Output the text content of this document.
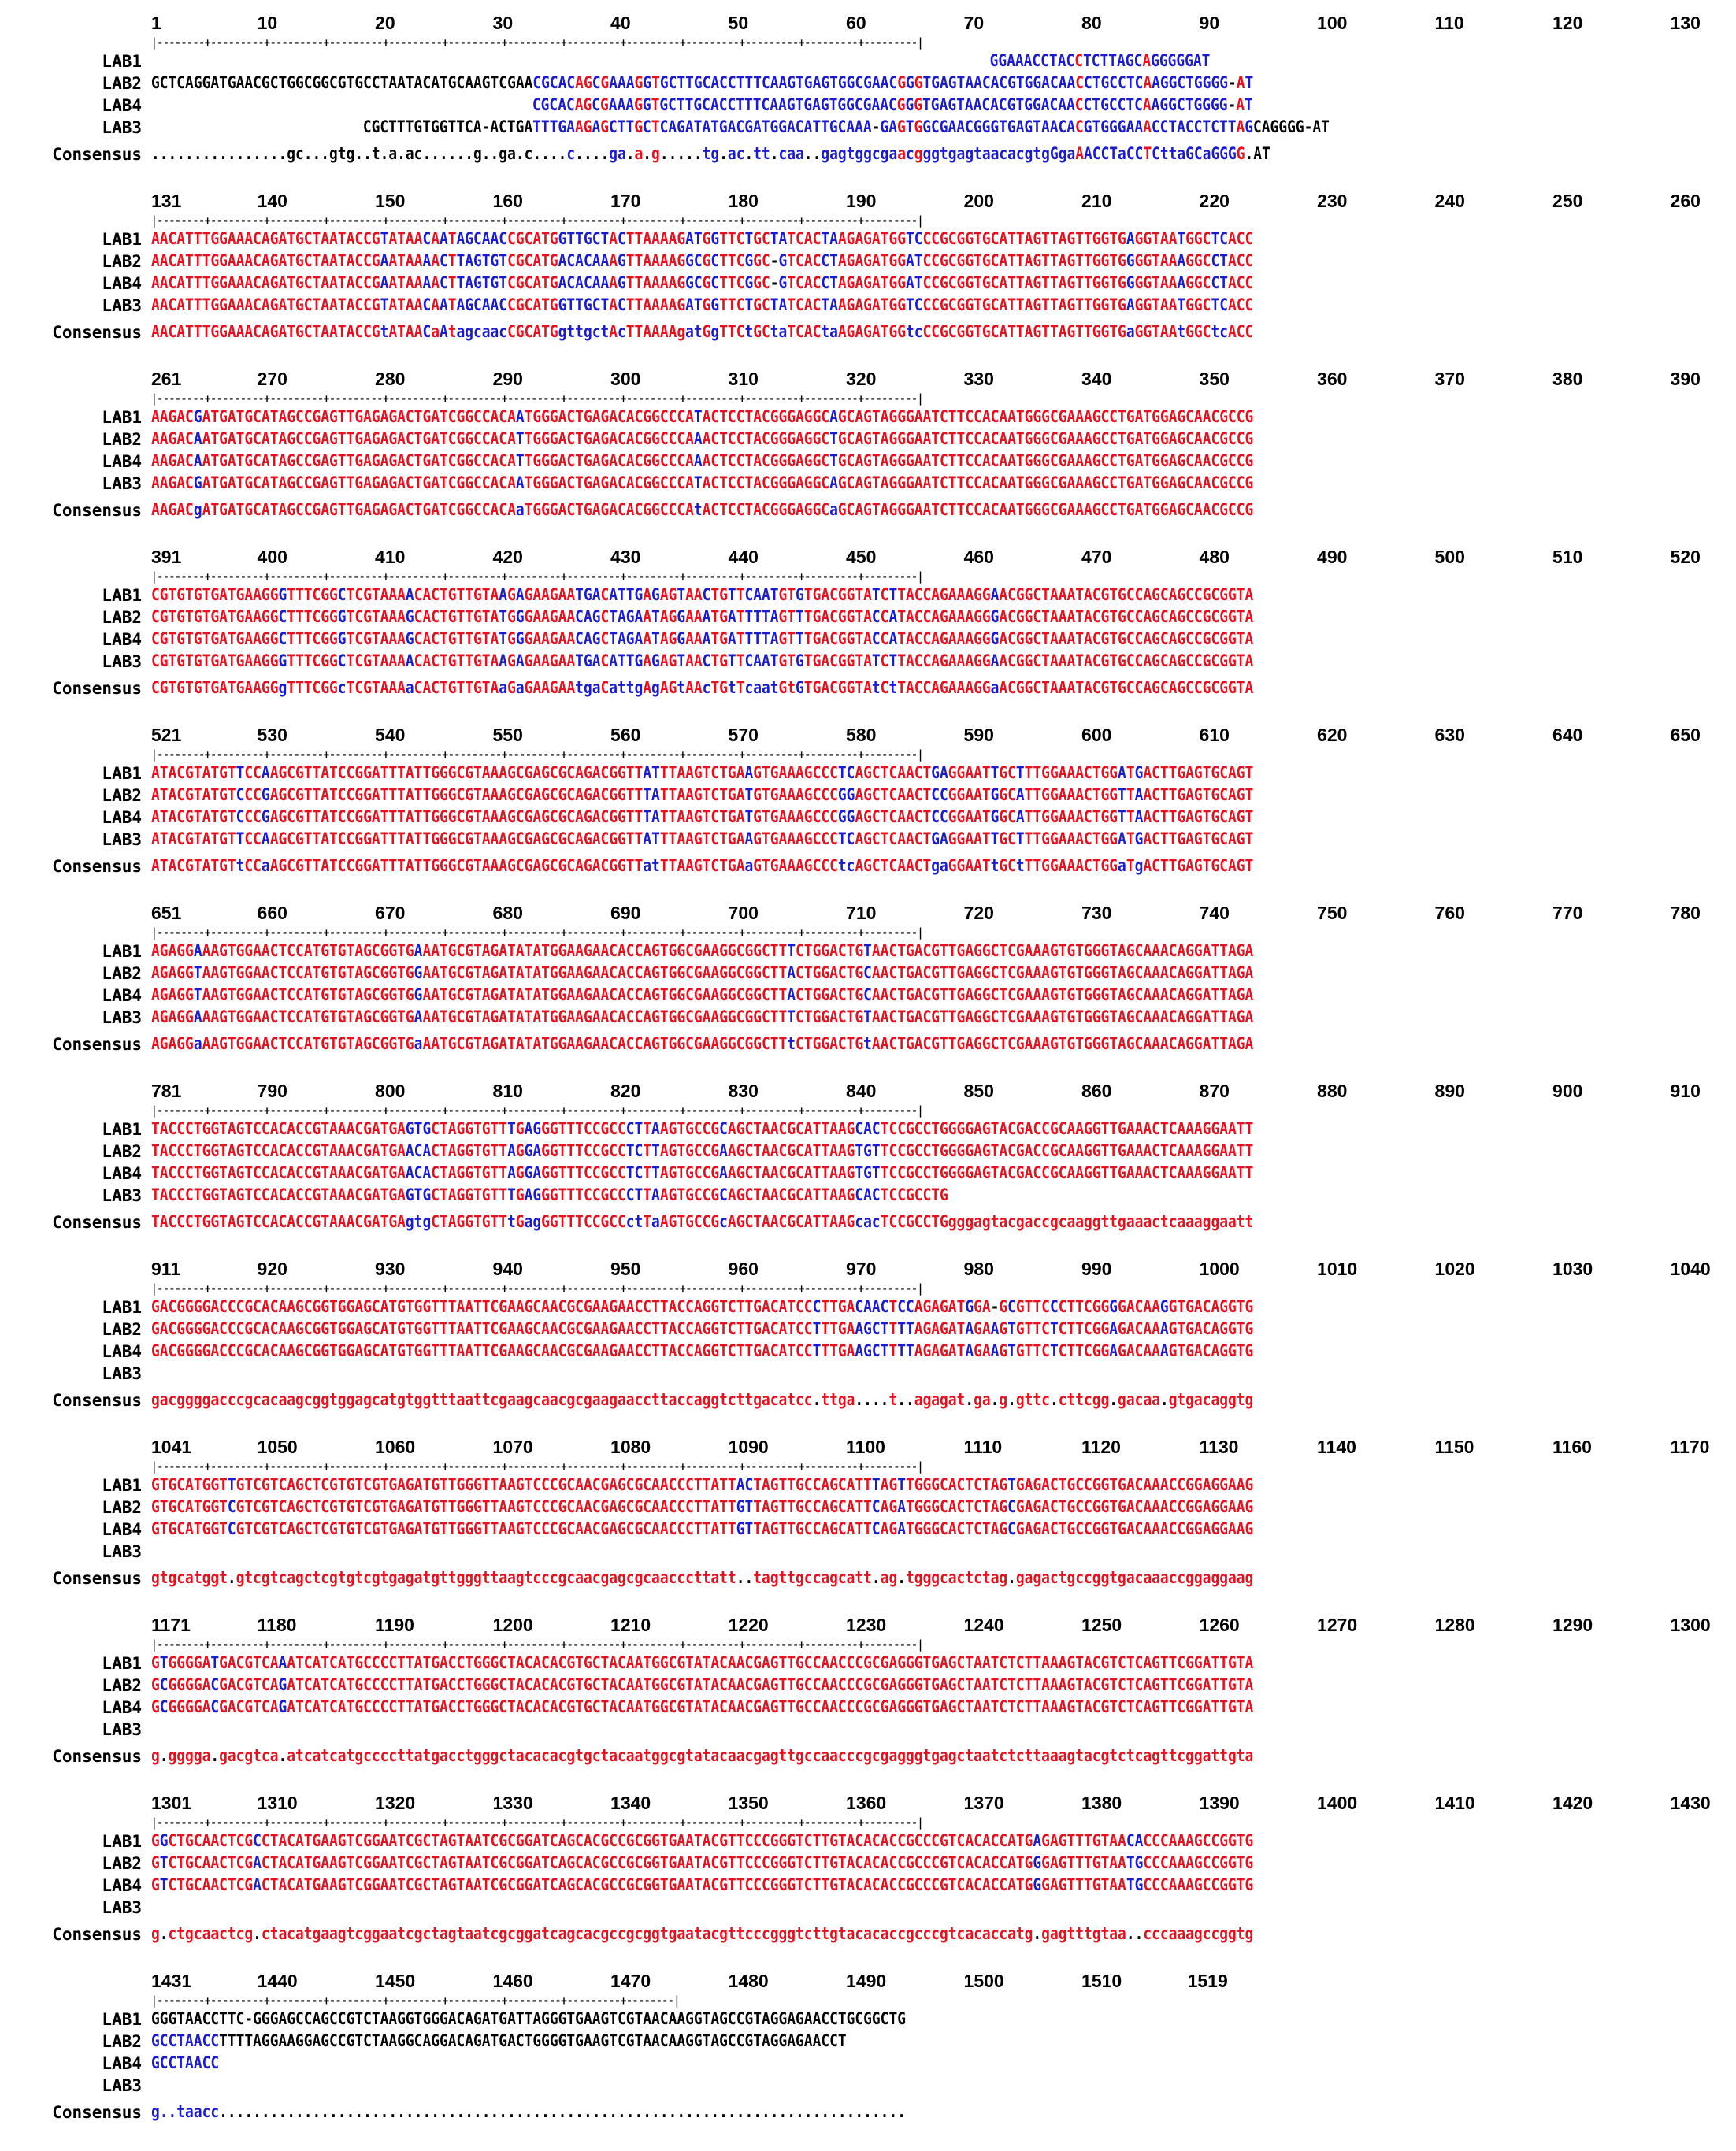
1	10	20	30	40	50	60	70	80	90	100	110	120	130
|--------+---------+---------+---------+---------+---------+---------+---------+---------+---------+---------+---------+---------|
LAB1	GGAAACCTACCTCTTAGCAGGGGGAT
LAB2 GCTCAGGATGAACGCTGGCGGCGTGCCTAATACATGCAAGTCGAACGCACAGCGAAAGGTGCTTGCACCTTTCAAGTGAGTGGCGAACGGGTGAGTAACACGTGGACAACCTGCCTCAAGGCTGGGG-AT
LAB4	CGCACAGCGAAAGGTGCTTGCACCTTTCAAGTGAGTGGCGAACGGGTGAGTAACACGTGGACAACCTGCCTCAAGGCTGGGG-AT
LAB3	CGCTTTGTGGTTCA-ACTGATTTGAAGAGCTTGCTCAGATATGACGATGGACATTGCAAA-GAGTGGCGAACGGGTGAGTAACACGTGGGAAACCTACCTCTTAGCAGGGG-AT
Consensus ................gc...gtg..t.a.ac......g..ga.c....c....ga.a.g.....tg.ac.tt.caa..gagtggcgaacgggtgagtaacacgtgGgaAACCTaCCTCttaGCaGGGG.AT
131	140	150	160	170	180	190	200	210	220	230	240	250	260
|--------+---------+---------+---------+---------+---------+---------+---------+---------+---------+---------+---------+---------|
LAB1 AACATTTGGAAACAGATGCTAATACCGTATAACAATAGCAACCGCATGGTTGCTACTTAAAAGATGGTTCTGCTATCACTAAGAGATGGTCCCGCGGTGCATTAGTTAGTTGGTGAGGTAATGGCTCACC
LAB2 AACATTTGGAAACAGATGCTAATACCGAATAAAACTTAGTGTCGCATGACACAAAGTTAAAAGGCGCTTCGGC-GTCACCTAGAGATGGATCCGCGGTGCATTAGTTAGTTGGTGGGGTAAAGGCCTACC
LAB4 AACATTTGGAAACAGATGCTAATACCGAATAAAACTTAGTGTCGCATGACACAAAGTTAAAAGGCGCTTCGGC-GTCACCTAGAGATGGATCCGCGGTGCATTAGTTAGTTGGTGGGGTAAAGGCCTACC
LAB3 AACATTTGGAAACAGATGCTAATACCGTATAACAATAGCAACCGCATGGTTGCTACTTAAAAGATGGTTCTGCTATCACTAAGAGATGGTCCCGCGGTGCATTAGTTAGTTGGTGAGGTAATGGCTCACC
Consensus AACATTTGGAAACAGATGCTAATACCGtATAACaAtagcaacCGCATGgttgctAcTTAAAAgatGgTTCtGCtaTCACtaAGAGATGGtcCCGCGGTGCATTAGTTAGTTGGTGaGGTAAtGGCtcACC
261	270	280	290	300	310	320	330	340	350	360	370	380	390
|--------+---------+---------+---------+---------+---------+---------+---------+---------+---------+---------+---------+---------|
LAB1 AAGACGATGATGCATAGCCGAGTTGAGAGACTGATCGGCCACAATGGGACTGAGACACGGCCCATACTCCTACGGGAGGCAGCAGTAGGGAATCTTCCACAATGGGCGAAAGCCTGATGGAGCAACGCCG
LAB2 AAGACAATGATGCATAGCCGAGTTGAGAGACTGATCGGCCACATTGGGACTGAGACACGGCCCAAACTCCTACGGGAGGCTGCAGTAGGGAATCTTCCACAATGGGCGAAAGCCTGATGGAGCAACGCCG
LAB4 AAGACAATGATGCATAGCCGAGTTGAGAGACTGATCGGCCACATTGGGACTGAGACACGGCCCAAACTCCTACGGGAGGCTGCAGTAGGGAATCTTCCACAATGGGCGAAAGCCTGATGGAGCAACGCCG
LAB3 AAGACGATGATGCATAGCCGAGTTGAGAGACTGATCGGCCACAATGGGACTGAGACACGGCCCATACTCCTACGGGAGGCAGCAGTAGGGAATCTTCCACAATGGGCGAAAGCCTGATGGAGCAACGCCG
Consensus AAGACgATGATGCATAGCCGAGTTGAGAGACTGATCGGCCACAaTGGGACTGAGACACGGCCCAtACTCCTACGGGAGGCaGCAGTAGGGAATCTTCCACAATGGGCGAAAGCCTGATGGAGCAACGCCG
391	400	410	420	430	440	450	460	470	480	490	500	510	520
|--------+---------+---------+---------+---------+---------+---------+---------+---------+---------+---------+---------+---------|
LAB1 CGTGTGTGATGAAGGGTTTCGGCTCGTAAAACACTGTTGTAAGAGAAGAATGACATTGAGAGTAACTGTTCAATGTGTGACGGTATCTTACCAGAAAGGAACGGCTAAATACGTGCCAGCAGCCGCGGTA
LAB2 CGTGTGTGATGAAGGCTTTCGGGTCGTAAAGCACTGTTGTATGGGAAGAACAGCTAGAATAGGAAATGATTTTAGTTTGACGGTACCATACCAGAAAGGGACGGCTAAATACGTGCCAGCAGCCGCGGTA
LAB4 CGTGTGTGATGAAGGCTTTCGGGTCGTAAAGCACTGTTGTATGGGAAGAACAGCTAGAATAGGAAATGATTTTAGTTTGACGGTACCATACCAGAAAGGGACGGCTAAATACGTGCCAGCAGCCGCGGTA
LAB3 CGTGTGTGATGAAGGGTTTCGGCTCGTAAAACACTGTTGTAAGAGAAGAATGACATTGAGAGTAACTGTTCAATGTGTGACGGTATCTTACCAGAAAGGAACGGCTAAATACGTGCCAGCAGCCGCGGTA
Consensus CGTGTGTGATGAAGGgTTTCGGcTCGTAAAaCACTGTTGTAaGaGAAGAAtgaCattgAgAGtAAcTGtTcaatGtGTGACGGTAtCtTACCAGAAAGGaACGGCTAAATACGTGCCAGCAGCCGCGGTA
521	530	540	550	560	570	580	590	600	610	620	630	640	650
|--------+---------+---------+---------+---------+---------+---------+---------+---------+---------+---------+---------+---------|
LAB1 ATACGTATGTTCCAAGCGTTATCCGGATTTATTGGGCGTAAAGCGAGCGCAGACGGTTATTTAAGTCTGAAGTGAAAGCCCTCAGCTCAACTGAGGAATTGCTTTGGAAACTGGATGACTTGAGTGCAGT
LAB2 ATACGTATGTCCCGAGCGTTATCCGGATTTATTGGGCGTAAAGCGAGCGCAGACGGTTTATTAAGTCTGATGTGAAAGCCCGGAGCTCAACTCCGGAATGGCATTGGAAACTGGTTAACTTGAGTGCAGT
LAB4 ATACGTATGTCCCGAGCGTTATCCGGATTTATTGGGCGTAAAGCGAGCGCAGACGGTTTATTAAGTCTGATGTGAAAGCCCGGAGCTCAACTCCGGAATGGCATTGGAAACTGGTTAACTTGAGTGCAGT
LAB3 ATACGTATGTTCCAAGCGTTATCCGGATTTATTGGGCGTAAAGCGAGCGCAGACGGTTATTTAAGTCTGAAGTGAAAGCCCTCAGCTCAACTGAGGAATTGCTTTGGAAACTGGATGACTTGAGTGCAGT
Consensus ATACGTATGTtCCaAGCGTTATCCGGATTTATTGGGCGTAAAGCGAGCGCAGACGGTTatTTAAGTCTGAaGTGAAAGCCCtcAGCTCAACTgaGGAATtGCtTTGGAAACTGGaTgACTTGAGTGCAGT
651	660	670	680	690	700	710	720	730	740	750	760	770	780
|--------+---------+---------+---------+---------+---------+---------+---------+---------+---------+---------+---------+---------|
LAB1 AGAGGAAAGTGGAACTCCATGTGTAGCGGTGAAATGCGTAGATATATGGAAGAACACCAGTGGCGAAGGCGGCTTTCTGGACTGTAACTGACGTTGAGGCTCGAAAGTGTGGGTAGCAAACAGGATTAGA
LAB2 AGAGGTAAGTGGAACTCCATGTGTAGCGGTGGAATGCGTAGATATATGGAAGAACACCAGTGGCGAAGGCGGCTTACTGGACTGCAACTGACGTTGAGGCTCGAAAGTGTGGGTAGCAAACAGGATTAGA
LAB4 AGAGGTAAGTGGAACTCCATGTGTAGCGGTGGAATGCGTAGATATATGGAAGAACACCAGTGGCGAAGGCGGCTTACTGGACTGCAACTGACGTTGAGGCTCGAAAGTGTGGGTAGCAAACAGGATTAGA
LAB3 AGAGGAAAGTGGAACTCCATGTGTAGCGGTGAAATGCGTAGATATATGGAAGAACACCAGTGGCGAAGGCGGCTTTCTGGACTGTAACTGACGTTGAGGCTCGAAAGTGTGGGTAGCAAACAGGATTAGA
Consensus AGAGGaAAGTGGAACTCCATGTGTAGCGGTGaAATGCGTAGATATATGGAAGAACACCAGTGGCGAAGGCGGCTTtCTGGACTGtAACTGACGTTGAGGCTCGAAAGTGTGGGTAGCAAACAGGATTAGA
781	790	800	810	820	830	840	850	860	870	880	890	900	910
|--------+---------+---------+---------+---------+---------+---------+---------+---------+---------+---------+---------+---------|
LAB1 TACCCTGGTAGTCCACACCGTAAACGATGAGTGCTAGGTGTTTGAGGGTTTCCGCCCTTAAGTGCCGCAGCTAACGCATTAAGCACTCCGCCTGGGGAGTACGACCGCAAGGTTGAAACTCAAAGGAATT
LAB2 TACCCTGGTAGTCCACACCGTAAACGATGAACACTAGGTGTTAGGAGGTTTCCGCCTCTTAGTGCCGAAGCTAACGCATTAAGTGTTCCGCCTGGGGAGTACGACCGCAAGGTTGAAACTCAAAGGAATT
LAB4 TACCCTGGTAGTCCACACCGTAAACGATGAACACTAGGTGTTAGGAGGTTTCCGCCTCTTAGTGCCGAAGCTAACGCATTAAGTGTTCCGCCTGGGGAGTACGACCGCAAGGTTGAAACTCAAAGGAATT
LAB3 TACCCTGGTAGTCCACACCGTAAACGATGAGTGCTAGGTGTTTGAGGGTTTCCGCCCTTAAGTGCCGCAGCTAACGCATTAAGCACTCCGCCTG
Consensus TACCCTGGTAGTCCACACCGTAAACGATGAgtgCTAGGTGTTtGagGGTTTCCGCCctTaAGTGCCGcAGCTAACGCATTAAGcacTCCGCCTGgggagtacgaccgcaaggttgaaactcaaaggaatt
911	920	930	940	950	960	970	980	990	1000	1010	1020	1030	1040
|--------+---------+---------+---------+---------+---------+---------+---------+---------+---------+---------+---------+---------|
LAB1 GACGGGGACCCGCACAAGCGGTGGAGCATGTGGTTTAATTCGAAGCAACGCGAAGAACCTTACCAGGTCTTGACATCCCTTGACAACTCCAGAGATGGA-GCGTTCCCTTCGGGGACAAGGTGACAGGTG
LAB2 GACGGGGACCCGCACAAGCGGTGGAGCATGTGGTTTAATTCGAAGCAACGCGAAGAACCTTACCAGGTCTTGACATCCTTTGAAGCTTTTAGAGATAGAAGTGTTCTCTTCGGAGACAAAGTGACAGGTG
LAB4 GACGGGGACCCGCACAAGCGGTGGAGCATGTGGTTTAATTCGAAGCAACGCGAAGAACCTTACCAGGTCTTGACATCCTTTGAAGCTTTTAGAGATAGAAGTGTTCTCTTCGGAGACAAAGTGACAGGTG
LAB3
Consensus gacggggacccgcacaagcggtggagcatgtggtttaattcgaagcaacgcgaagaaccttaccaggtcttgacatcc.ttga....t..agagat.ga.g.gttc.cttcgg.gacaa.gtgacaggtg
1041	1050	1060	1070	1080	1090	1100	1110	1120	1130	1140	1150	1160	1170
|--------+---------+---------+---------+---------+---------+---------+---------+---------+---------+---------+---------+---------|
LAB1 GTGCATGGTTGTCGTCAGCTCGTGTCGTGAGATGTTGGGTTAAGTCCCGCAACGAGCGCAACCCTTATTACTAGTTGCCAGCATTTAGTTGGGCACTCTAGTGAGACTGCCGGTGACAAACCGGAGGAAG
LAB2 GTGCATGGTCGTCGTCAGCTCGTGTCGTGAGATGTTGGGTTAAGTCCCGCAACGAGCGCAACCCTTATTGTTAGTTGCCAGCATTCAGATGGGCACTCTAGCGAGACTGCCGGTGACAAACCGGAGGAAG
LAB4 GTGCATGGTCGTCGTCAGCTCGTGTCGTGAGATGTTGGGTTAAGTCCCGCAACGAGCGCAACCCTTATTGTTAGTTGCCAGCATTCAGATGGGCACTCTAGCGAGACTGCCGGTGACAAACCGGAGGAAG
LAB3
Consensus gtgcatggt.gtcgtcagctcgtgtcgtgagatgttgggttaagtcccgcaacgagcgcaacccttatt..tagttgccagcatt.ag.tgggcactctag.gagactgccggtgacaaaccggaggaag
1171	1180	1190	1200	1210	1220	1230	1240	1250	1260	1270	1280	1290	1300
|--------+---------+---------+---------+---------+---------+---------+---------+---------+---------+---------+---------+---------|
LAB1 GTGGGGATGACGTCAAATCATCATGCCCCTTATGACCTGGGCTACACACGTGCTACAATGGCGTATACAACGAGTTGCCAACCCGCGAGGGTGAGCTAATCTCTTAAAGTACGTCTCAGTTCGGATTGTA
LAB2 GCGGGGACGACGTCAGATCATCATGCCCCTTATGACCTGGGCTACACACGTGCTACAATGGCGTATACAACGAGTTGCCAACCCGCGAGGGTGAGCTAATCTCTTAAAGTACGTCTCAGTTCGGATTGTA
LAB4 GCGGGGACGACGTCAGATCATCATGCCCCTTATGACCTGGGCTACACACGTGCTACAATGGCGTATACAACGAGTTGCCAACCCGCGAGGGTGAGCTAATCTCTTAAAGTACGTCTCAGTTCGGATTGTA
LAB3
Consensus g.gggga.gacgtca.atcatcatgccccttatgacctgggctacacacgtgctacaatggcgtatacaacgagttgccaacccgcgagggtgagctaatctcttaaagtacgtctcagttcggattgta
1301	1310	1320	1330	1340	1350	1360	1370	1380	1390	1400	1410	1420	1430
|--------+---------+---------+---------+---------+---------+---------+---------+---------+---------+---------+---------+---------|
LAB1 GGCTGCAACTCGCCTACATGAAGTCGGAATCGCTAGTAATCGCGGATCAGCACGCCGCGGTGAATACGTTCCCGGGTCTTGTACACACCGCCCGTCACACCATGAGAGTTTGTAACACCCAAAGCCGGTG
LAB2 GTCTGCAACTCGACTACATGAAGTCGGAATCGCTAGTAATCGCGGATCAGCACGCCGCGGTGAATACGTTCCCGGGTCTTGTACACACCGCCCGTCACACCATGGGAGTTTGTAATGCCCAAAGCCGGTG
LAB4 GTCTGCAACTCGACTACATGAAGTCGGAATCGCTAGTAATCGCGGATCAGCACGCCGCGGTGAATACGTTCCCGGGTCTTGTACACACCGCCCGTCACACCATGGGAGTTTGTAATGCCCAAAGCCGGTG
LAB3
Consensus g.ctgcaactcg.ctacatgaagtcggaatcgctagtaatcgcggatcagcacgccgcggtgaatacgttcccgggtcttgtacacaccgcccgtcacaccatg.gagtttgtaa..cccaaagccggtg
1431	1440	1450	1460	1470	1480	1490	1500	1510	1519
|--------+---------+---------+---------+---------+---------+---------+---------+--------|
LAB1 GGGTAACCTTC-GGGAGCCAGCCGTCTAAGGTGGGACAGATGATTAGGGTGAAGTCGTAACAAGGTAGCCGTAGGAGAACCTGCGGCTG
LAB2 GCCTAACCTTTTAGGAAGGAGCCGTCTAAGGCAGGACAGATGACTGGGGTGAAGTCGTAACAAGGTAGCCGTAGGAGAACCT
LAB4 GCCTAACC
LAB3
Consensus g..taacc.................................................................................
